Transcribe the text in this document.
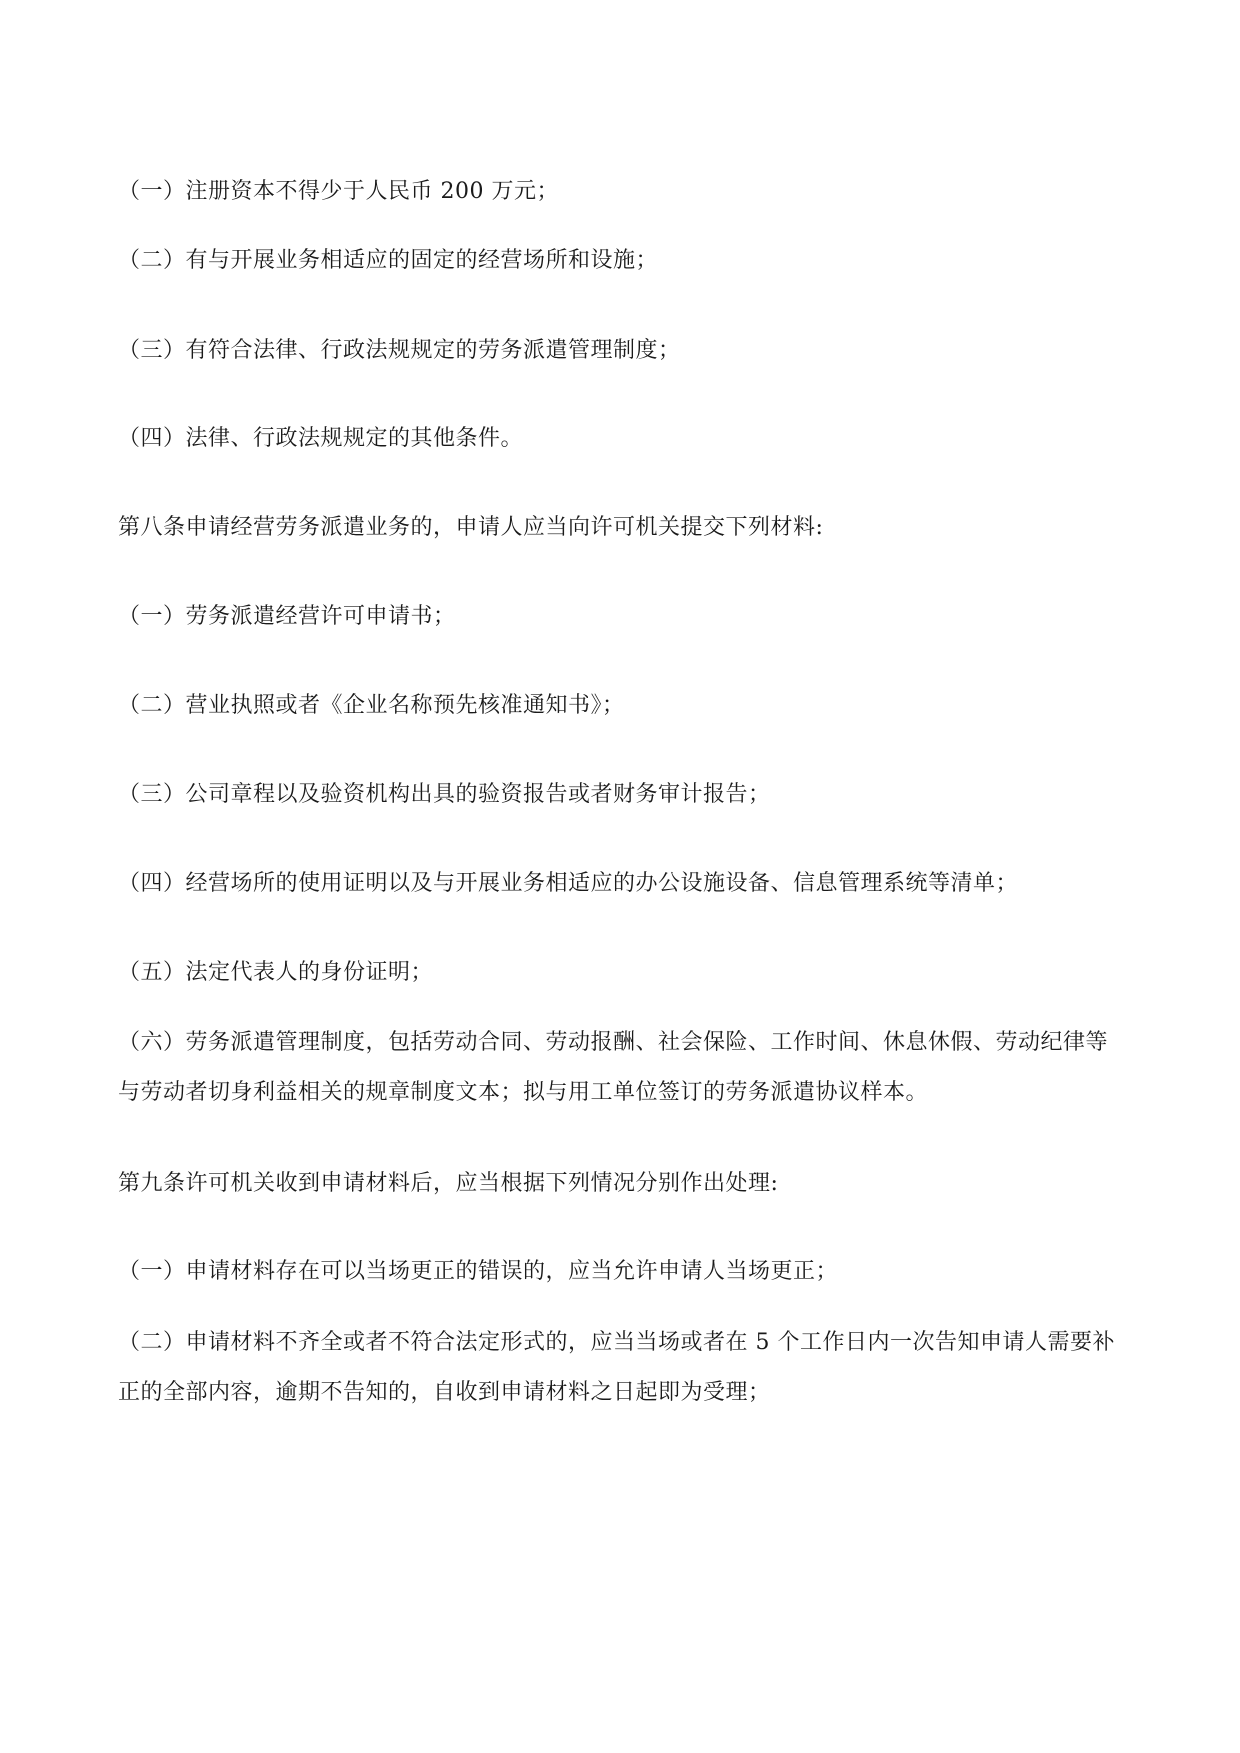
（一）注册资本不得少于人民币 200 万元；

（二）有与开展业务相适应的固定的经营场所和设施；

（三）有符合法律、行政法规规定的劳务派遣管理制度；

（四）法律、行政法规规定的其他条件。

第八条申请经营劳务派遣业务的，申请人应当向许可机关提交下列材料:

（一）劳务派遣经营许可申请书；

（二）营业执照或者《企业名称预先核准通知书》；

（三）公司章程以及验资机构出具的验资报告或者财务审计报告；

（四）经营场所的使用证明以及与开展业务相适应的办公设施设备、信息管理系统等清单；

（五）法定代表人的身份证明；

（六）劳务派遣管理制度，包括劳动合同、劳动报酬、社会保险、工作时间、休息休假、劳动纪律等与劳动者切身利益相关的规章制度文本；拟与用工单位签订的劳务派遣协议样本。

第九条许可机关收到申请材料后，应当根据下列情况分别作出处理:

（一）申请材料存在可以当场更正的错误的，应当允许申请人当场更正；

（二）申请材料不齐全或者不符合法定形式的，应当当场或者在 5 个工作日内一次告知申请人需要补正的全部内容，逾期不告知的，自收到申请材料之日起即为受理；
